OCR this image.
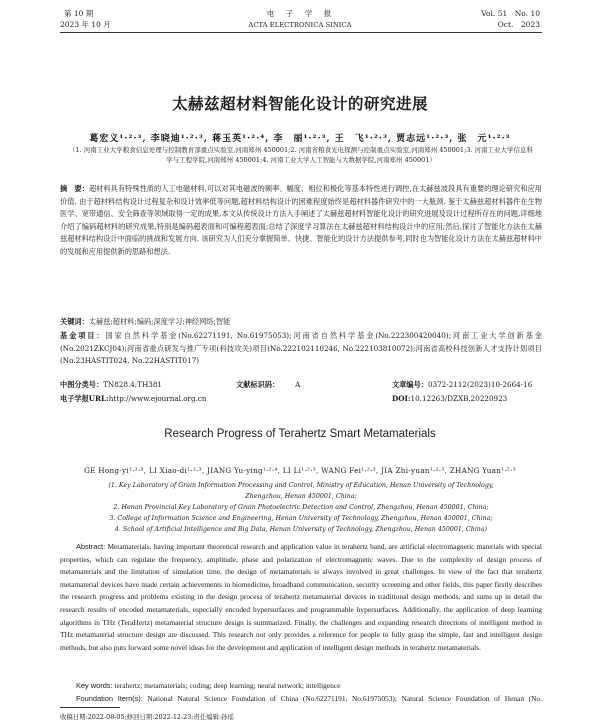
第 10 期
2023 年 10 月
电　子　学　报
ACTA ELECTRONICA SINICA
Vol. 51　No. 10
Oct.　2023
太赫兹超材料智能化设计的研究进展
葛宏义¹·²·³, 李晓迪¹·²·³, 蒋玉英¹·²·⁴, 李　丽¹·²·³, 王　飞¹·²·³, 贾志远¹·²·³, 张　元¹·²·³
（1. 河南工业大学粮食信息处理与控制教育部重点实验室,河南郑州 450001;2. 河南省粮食光电探测与控制重点实验室,河南郑州 450001;3. 河南工业大学信息科学与工程学院,河南郑州 450001;4. 河南工业大学人工智能与大数据学院,河南郑州 450001）
摘　要：超材料具有特殊性质的人工电磁材料,可以对其电磁波的频率、幅度、相位和极化等基本特性进行调控,在太赫兹波段具有重要的理论研究和应用价值. 由于超材料结构设计过程复杂和设计效率低等问题,超材料结构设计的困难程度始终是超材料器件研究中的一大瓶颈. 鉴于太赫兹超材料器件在生物医学、宽带通信、安全筛查等领域取得一定的成果,本文从传统设计方法入手阐述了太赫兹超材料智能化设计的研究进展及设计过程所存在的问题,详细地介绍了编码超材料的研究成果,特别是编码超表面和可编程超表面;总结了深度学习算法在太赫兹超材料结构设计中的应用;然后,探讨了智能化方法在太赫兹超材料结构设计中面临的挑战和发展方向. 该研究为人们充分掌握简单、快捷、智能化的设计方法提供参考,同时也为智能化设计方法在太赫兹超材料中的发展和应用提供新的思路和想法.
关键词：太赫兹;超材料;编码;深度学习;神经网络;智能
基金项目：国家自然科学基金(No.62271191, No.61975053);河南省自然科学基金(No.222300420040);河南工业大学创新基金(No.2021ZKCJ04);河南省重点研发与推广专项(科技攻关)项目(No.222102110246, No.222103810072);河南省高校科技创新人才支持计划项目(No.23HASTIT024, No.22HASTIT017)
中图分类号：TN828.4;TH381	文献标识码： A	文章编号：0372-2112(2023)10-2664-16
电子学报URL:http://www.ejournal.org.cn	DOI:10.12263/DZXB.20220923
Research Progress of Terahertz Smart Metamaterials
GE Hong-yi¹·²·³, LI Xiao-di¹·²·³, JIANG Yu-ying¹·²·⁴, LI Li¹·²·³, WANG Fei¹·²·³, JIA Zhi-yuan¹·²·³, ZHANG Yuan¹·²·³
(1. Key Laboratory of Grain Information Processing and Control, Ministry of Education, Henan University of Technology,
Zhengzhou, Henan 450001, China;
2. Henan Provincial Key Laboratory of Grain Photoelectric Detection and Control, Zhengzhou, Henan 450001, China;
3. College of Information Science and Engineering, Henan University of Technology, Zhengzhou, Henan 450001, China;
4. School of Artificial Intelligence and Big Data, Henan University of Technology, Zhengzhou, Henan 450001, China)
Abstract: Metamaterials, having important theoretical research and application value in terahertz band, are artificial electromagnetic materials with special properties, which can regulate the frequency, amplitude, phase and polarization of electromagnetic waves. Due to the complexity of design process of metamaterials and the limitation of simulation time, the design of metamaterials is always involved in great challenges. In view of the fact that terahertz metamaterial devices have made certain achievements in biomedicine, broadband communication, security screening and other fields, this paper firstly describes the research progress and problems existing in the design process of terahertz metamaterial devices in traditional design methods, and sums up in detail the research results of encoded metamaterials, especially encoded hypersurfaces and programmable hypersurfaces. Additionally, the application of deep learning algorithms in THz (TeraHertz) metamaterial structure design is summarized. Finally, the challenges and expanding research directions of intelligent method in THz metamaterial structure design are discussed. This research not only provides a reference for people to fully grasp the simple, fast and intelligent design methods, but also puts forward some novel ideas for the development and application of intelligent design methods in terahertz metamaterials.
Key words: terahertz; metamaterials; coding; deep learning; neural network; intelligence
Foundation Item(s): National Natural Science Foundation of China (No.62271191, No.61975053); Natural Science Foundation of Henan (No.
收稿日期:2022-08-05;修回日期:2022-12-23;责任编辑:孙瑶
